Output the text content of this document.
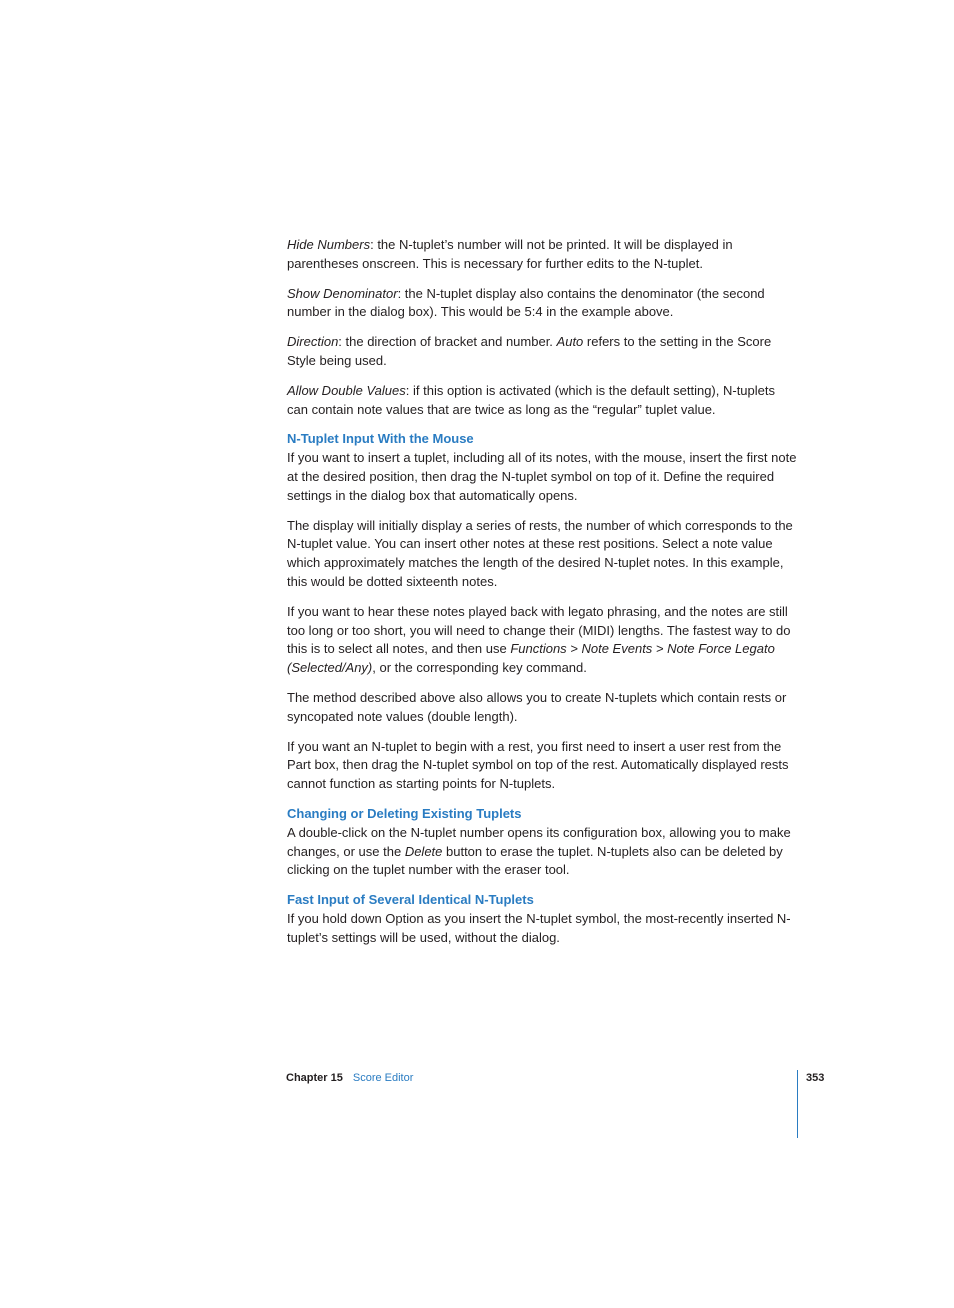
Hide Numbers: the N-tuplet’s number will not be printed. It will be displayed in parentheses onscreen. This is necessary for further edits to the N-tuplet.

Show Denominator: the N-tuplet display also contains the denominator (the second number in the dialog box). This would be 5:4 in the example above.

Direction: the direction of bracket and number. Auto refers to the setting in the Score Style being used.

Allow Double Values: if this option is activated (which is the default setting), N-tuplets can contain note values that are twice as long as the “regular” tuplet value.

N-Tuplet Input With the Mouse

If you want to insert a tuplet, including all of its notes, with the mouse, insert the first note at the desired position, then drag the N-tuplet symbol on top of it. Define the required settings in the dialog box that automatically opens.

The display will initially display a series of rests, the number of which corresponds to the N-tuplet value. You can insert other notes at these rest positions. Select a note value which approximately matches the length of the desired N-tuplet notes. In this example, this would be dotted sixteenth notes.

If you want to hear these notes played back with legato phrasing, and the notes are still too long or too short, you will need to change their (MIDI) lengths. The fastest way to do this is to select all notes, and then use Functions > Note Events > Note Force Legato (Selected/Any), or the corresponding key command.

The method described above also allows you to create N-tuplets which contain rests or syncopated note values (double length).

If you want an N-tuplet to begin with a rest, you first need to insert a user rest from the Part box, then drag the N-tuplet symbol on top of the rest. Automatically displayed rests cannot function as starting points for N-tuplets.

Changing or Deleting Existing Tuplets

A double-click on the N-tuplet number opens its configuration box, allowing you to make changes, or use the Delete button to erase the tuplet. N-tuplets also can be deleted by clicking on the tuplet number with the eraser tool.

Fast Input of Several Identical N-Tuplets

If you hold down Option as you insert the N-tuplet symbol, the most-recently inserted N-tuplet’s settings will be used, without the dialog.

Chapter 15 Score Editor	353
